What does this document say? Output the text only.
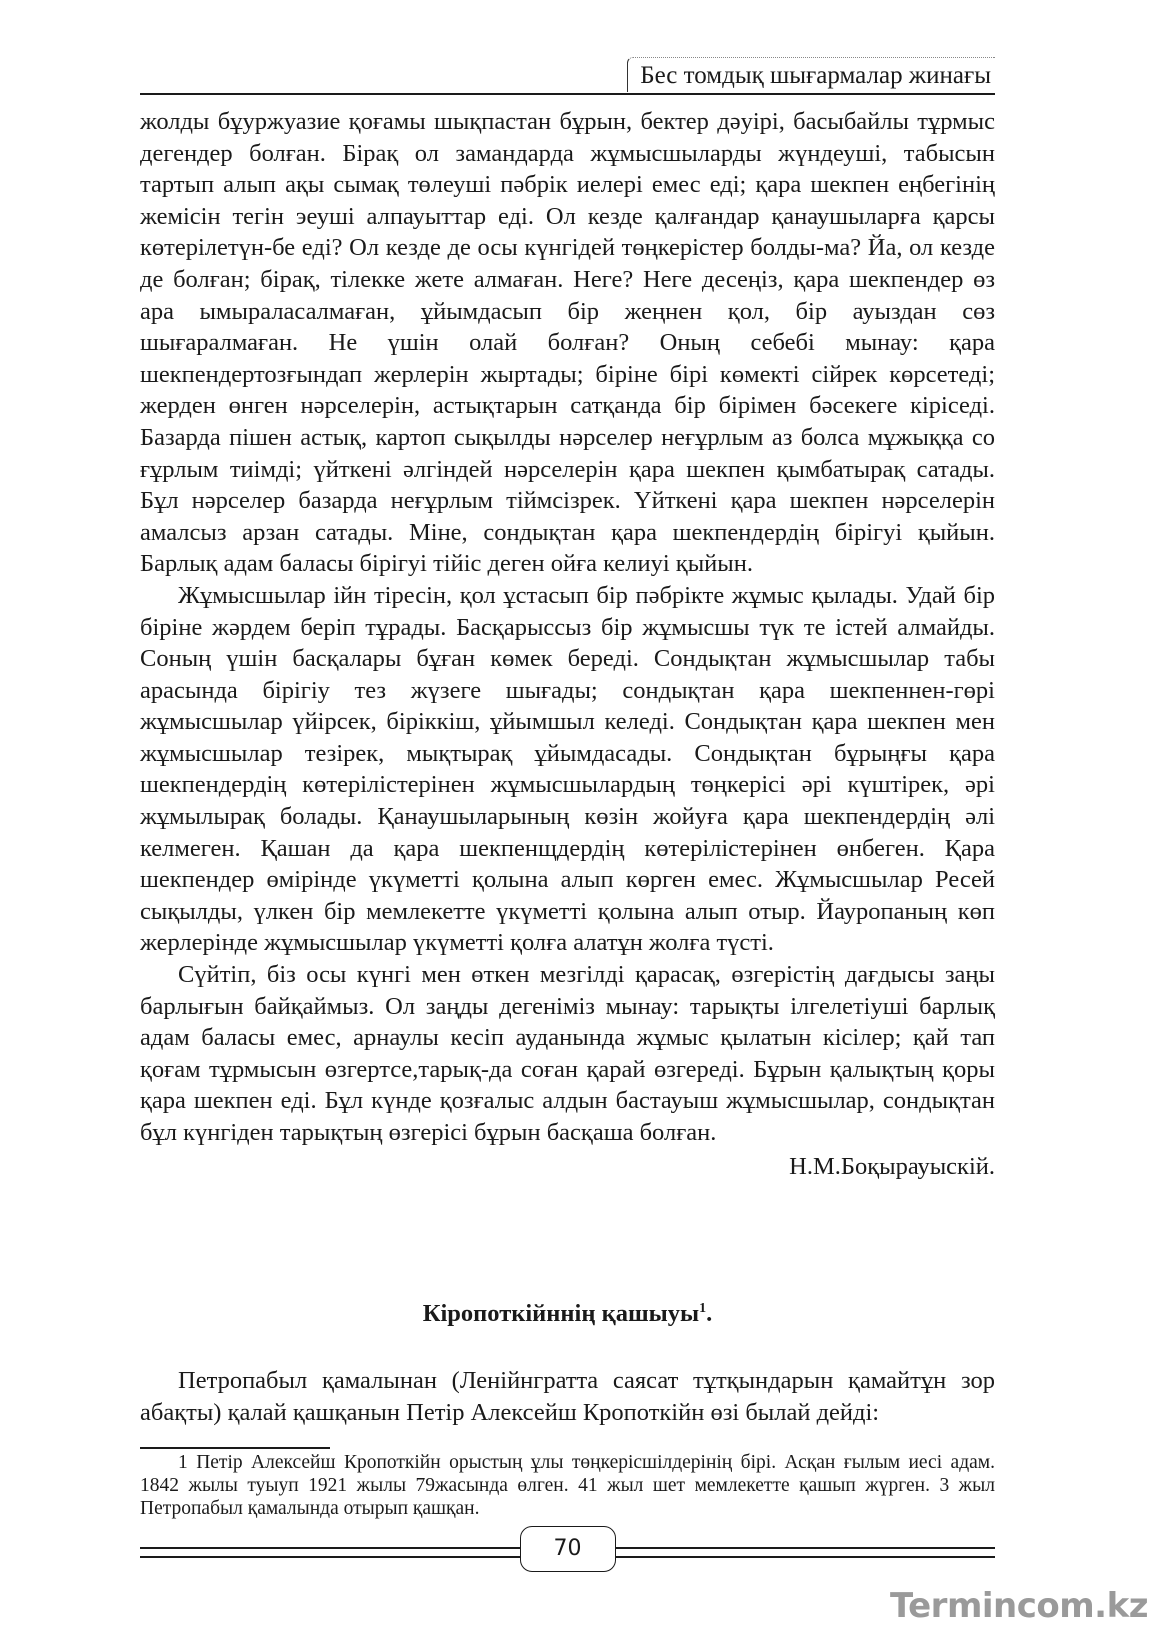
Бес томдық шығармалар жинағы

жолды бұуржуазие қоғамы шықпастан бұрын, бектер дәуірі, басыбайлы тұрмыс дегендер болған. Бірақ ол замандарда жұмысшыларды жүндеуші, табысын тартып алып ақы сымақ төлеуші пәбрік иелері емес еді; қара шекпен еңбегінің жемісін тегін эеуші алпауыттар еді. Ол кезде қалғандар қанаушыларға қарсы көтерілетүн-бе еді? Ол кезде де осы күнгідей төңкерістер болды-ма? Йа, ол кезде де болған; бірақ, тілекке жете алмаған. Неге? Неге десеңіз, қара шекпендер өз ара ымыраласалмаған, ұйымдасып бір жеңнен қол, бір ауыздан сөз шығаралмаған. Не үшін олай болған? Оның себебі мынау: қара шекпендертозғындап жерлерін жыртады; біріне бірі көмекті сійрек көрсетеді; жерден өнген нәрселерін, астықтарын сатқанда бір бірімен бәсекеге кіріседі. Базарда пішен астық, картоп сықылды нәрселер неғұрлым аз болса мұжыққа со ғұрлым тиімді; үйткені әлгіндей нәрселерін қара шекпен қымбатырақ сатады. Бұл нәрселер базарда неғұрлым тіймсізрек. Үйткені қара шекпен нәрселерін амалсыз арзан сатады. Міне, сондықтан қара шекпендердің бірігуі қыйын. Барлық адам баласы бірігуі тійіс деген ойға келиуі қыйын.

Жұмысшылар ійн тіресін, қол ұстасып бір пәбрікте жұмыс қылады. Удай бір біріне жәрдем беріп тұрады. Басқарыссыз бір жұмысшы түк те істей алмайды. Соның үшін басқалары бұған көмек береді. Сондықтан жұмысшылар табы арасында бірігіу тез жүзеге шығады; сондықтан қара шекпеннен-гөрі жұмысшылар үйірсек, біріккіш, ұйымшыл келеді. Сондықтан қара шекпен мен жұмысшылар тезірек, мықтырақ ұйымдасады. Сондықтан бұрыңғы қара шекпендердің көтерілістерінен жұмысшылардың төңкерісі әрі күштірек, әрі жұмылырақ болады. Қанаушыларының көзін жойуға қара шекпендердің әлі келмеген. Қашан да қара шекпенщдердің көтерілістерінен өнбеген. Қара шекпендер өмірінде үкүметті қолына алып көрген емес. Жұмысшылар Ресей сықылды, үлкен бір мемлекетте үкүметті қолына алып отыр. Йауропаның көп жерлерінде жұмысшылар үкүметті қолға алатұн жолға түсті.

Сүйтіп, біз осы күнгі мен өткен мезгілді қарасақ, өзгерістің дағдысы заңы барлығын байқаймыз. Ол заңды дегеніміз мынау: тарықты ілгелетіушi барлық адам баласы емес, арнаулы кесіп ауданында жұмыс қылатын кісілер; қай тап қоғам тұрмысын өзгертсе,тарық-да соған қарай өзгереді. Бұрын қалықтың қоры қара шекпен еді. Бұл күнде қозғалыс алдын бастауыш жұмысшылар, сондықтан бұл күнгіден тарықтың өзгерісі бұрын басқаша болған.

Н.М.Боқырауыскій.

Кіропоткійннің қашыуы$^1$.
Петропабыл қамалынан (Ленійнграттa саясат тұтқындарын қамайтұн зор абақты) қалай қашқанын Петір Алексейш Кропоткійн өзі былай дейді:
1 Петір Алексейш Кропоткійн орыстың ұлы төңкерісшілдерінің бірі. Асқан ғылым иесі адам. 1842 жылы туыуп 1921 жылы 79жасында өлген. 41 жыл шет мемлекетте қашып жүрген. 3 жыл Петропабыл қамалында отырып қашқан.
70
Termincom.kz
